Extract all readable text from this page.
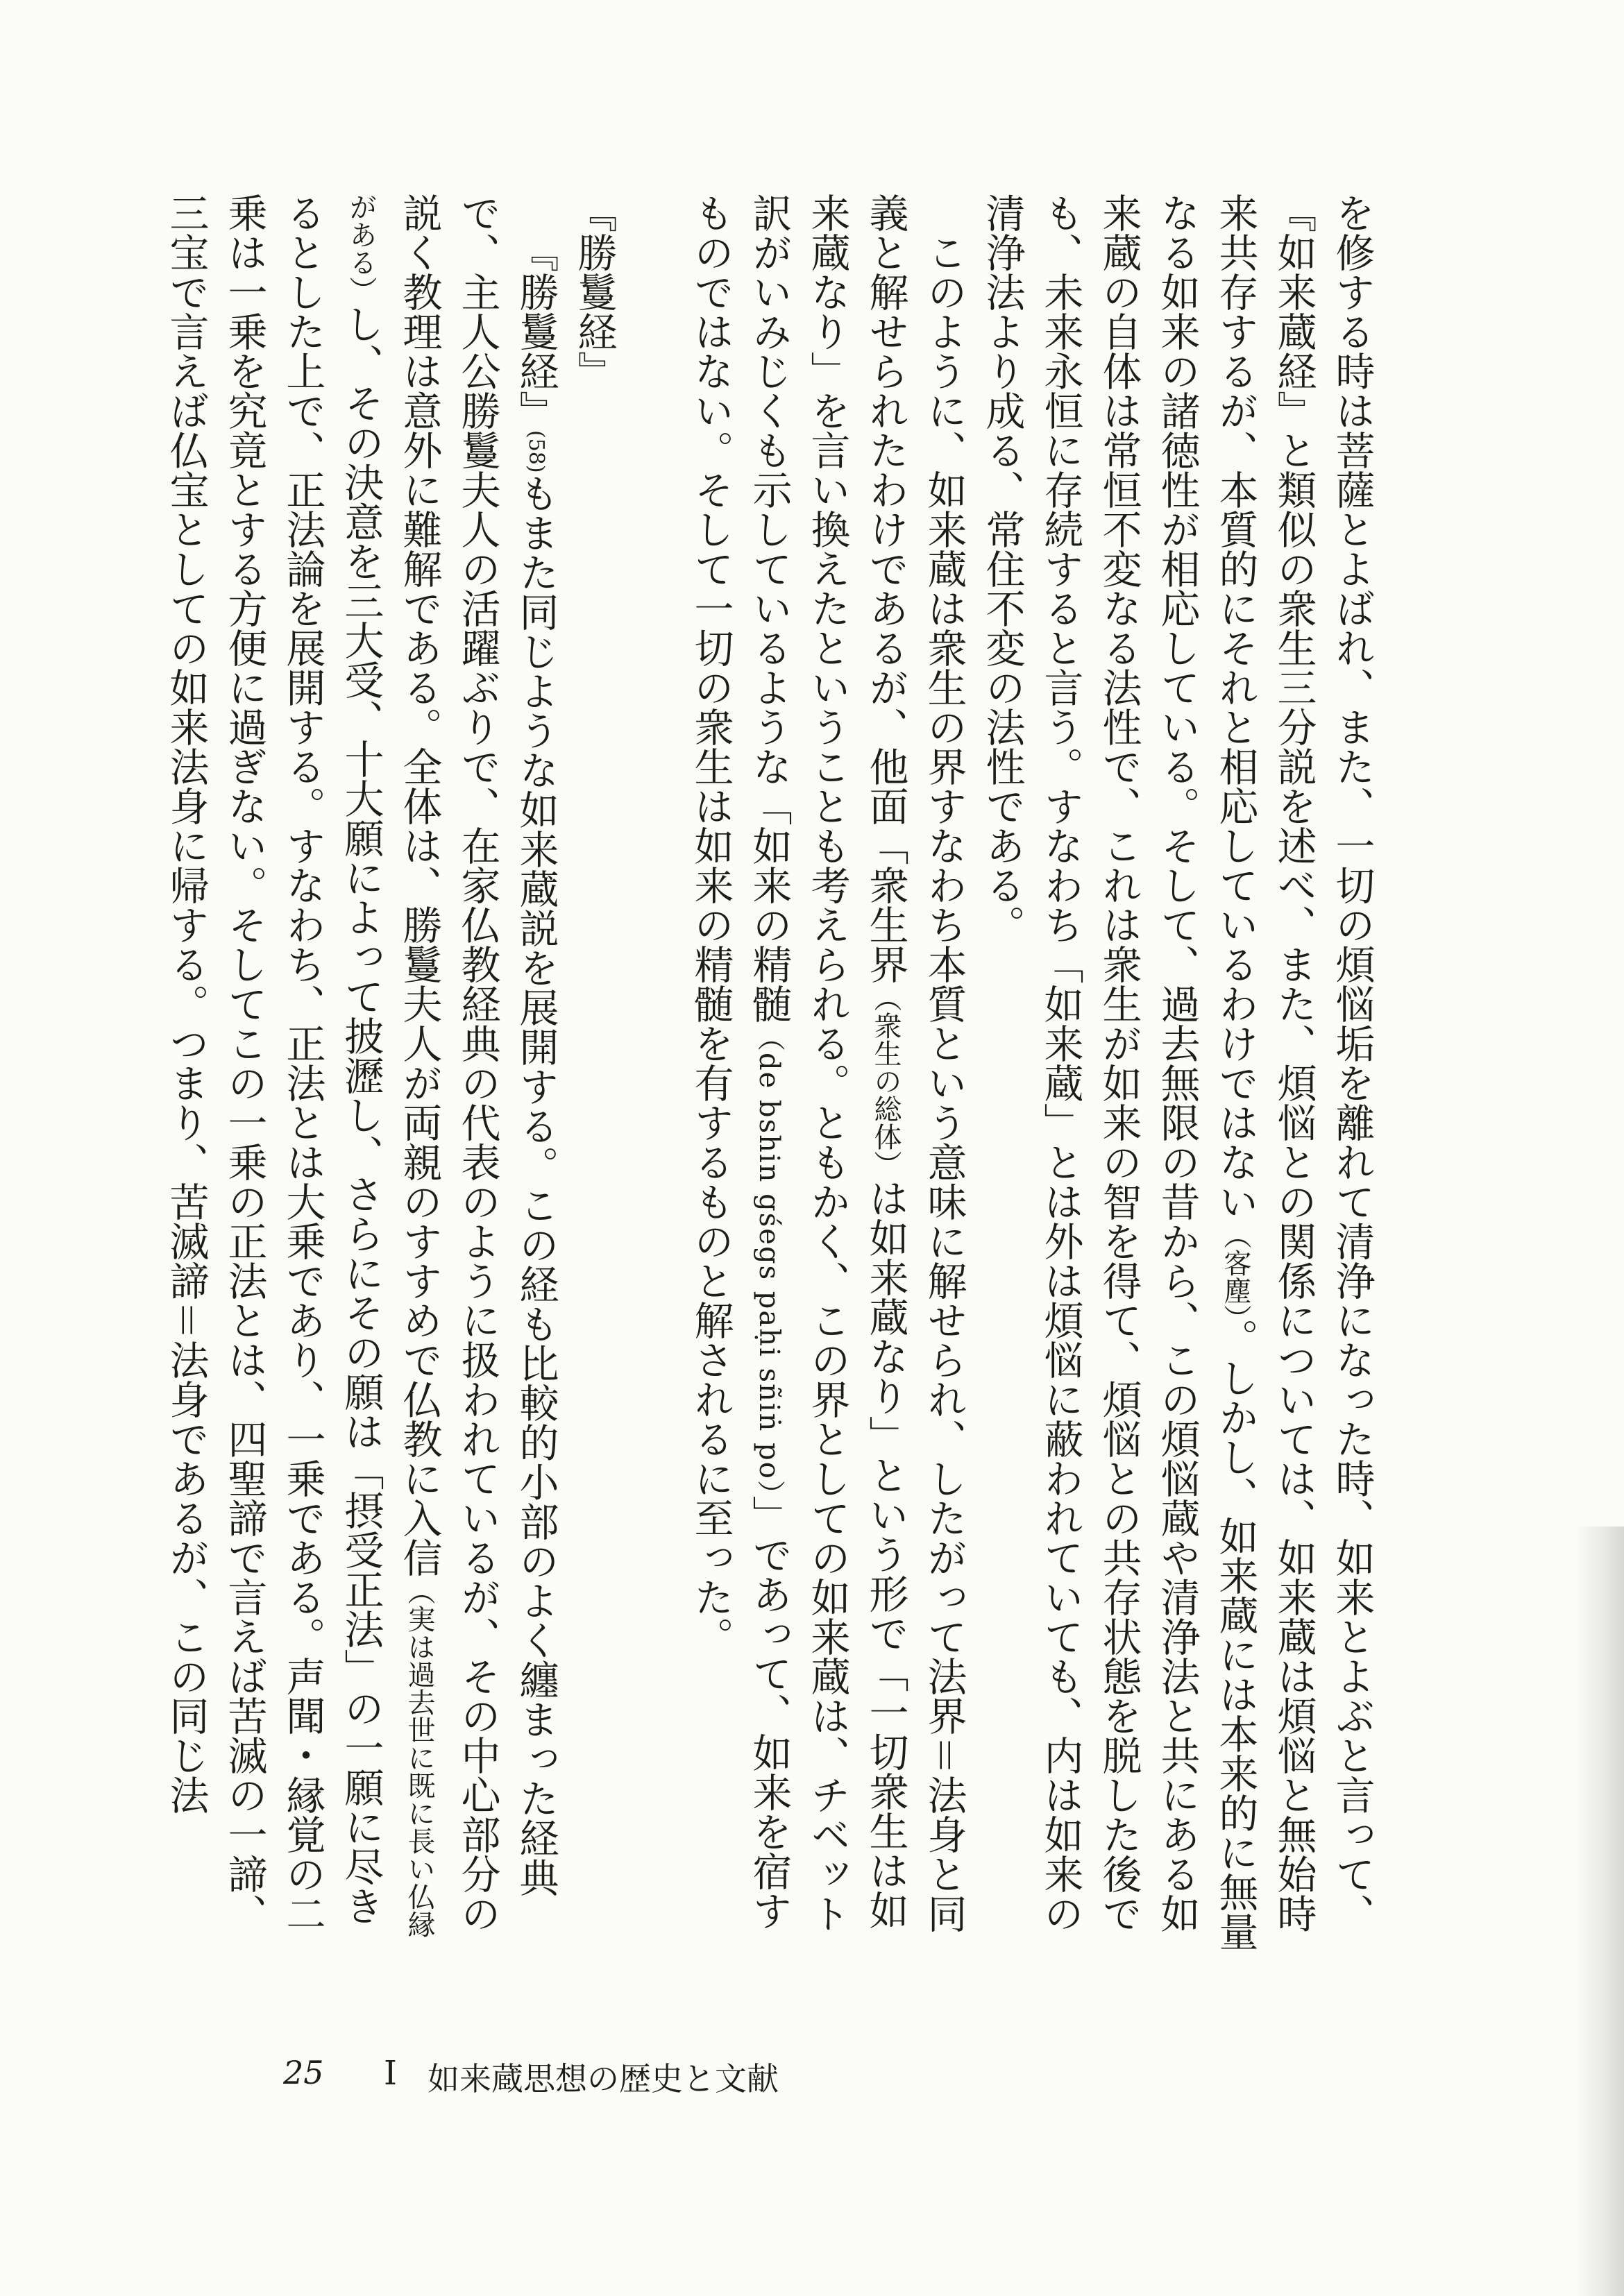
を修する時は菩薩とよばれ、また、一切の煩悩垢を離れて清浄になった時、如来とよぶと言って、『如来蔵経』と類似の衆生三分説を述べ、また、煩悩との関係については、如来蔵は煩悩と無始時来共存するが、本質的にそれと相応しているわけではない（客塵）。しかし、如来蔵には本来的に無量なる如来の諸徳性が相応している。そして、過去無限の昔から、この煩悩蔵や清浄法と共にある如来蔵の自体は常恒不変なる法性で、これは衆生が如来の智を得て、煩悩との共存状態を脱した後でも、未来永恒に存続すると言う。すなわち「如来蔵」とは外は煩悩に蔽われていても、内は如来の清浄法より成る、常住不変の法性である。

このように、如来蔵は衆生の界すなわち本質という意味に解せられ、したがって法界＝法身と同義と解せられたわけであるが、他面「衆生界（衆生の総体）は如来蔵なり」という形で「一切衆生は如来蔵なり」を言い換えたということも考えられる。ともかく、この界としての如来蔵は、チベット訳がいみじくも示しているような「如来の精髄（de bshin gśegs paḥi sñiṅ po）」であって、如来を宿すものではない。そして一切の衆生は如来の精髄を有するものと解されるに至った。

『勝鬘経』

『勝鬘経』(58)もまた同じような如来蔵説を展開する。この経も比較的小部のよく纏まった経典で、主人公勝鬘夫人の活躍ぶりで、在家仏教経典の代表のように扱われているが、その中心部分の説く教理は意外に難解である。全体は、勝鬘夫人が両親のすすめで仏教に入信（実は過去世に既に長い仏縁がある）し、その決意を三大受、十大願によって披瀝し、さらにその願は「摂受正法」の一願に尽きるとした上で、正法論を展開する。すなわち、正法とは大乗であり、一乗である。声聞・縁覚の二乗は一乗を究竟とする方便に過ぎない。そしてこの一乗の正法とは、四聖諦で言えば苦滅の一諦、三宝で言えば仏宝としての如来法身に帰する。つまり、苦滅諦＝法身であるが、この同じ法

25 I 如来蔵思想の歴史と文献
